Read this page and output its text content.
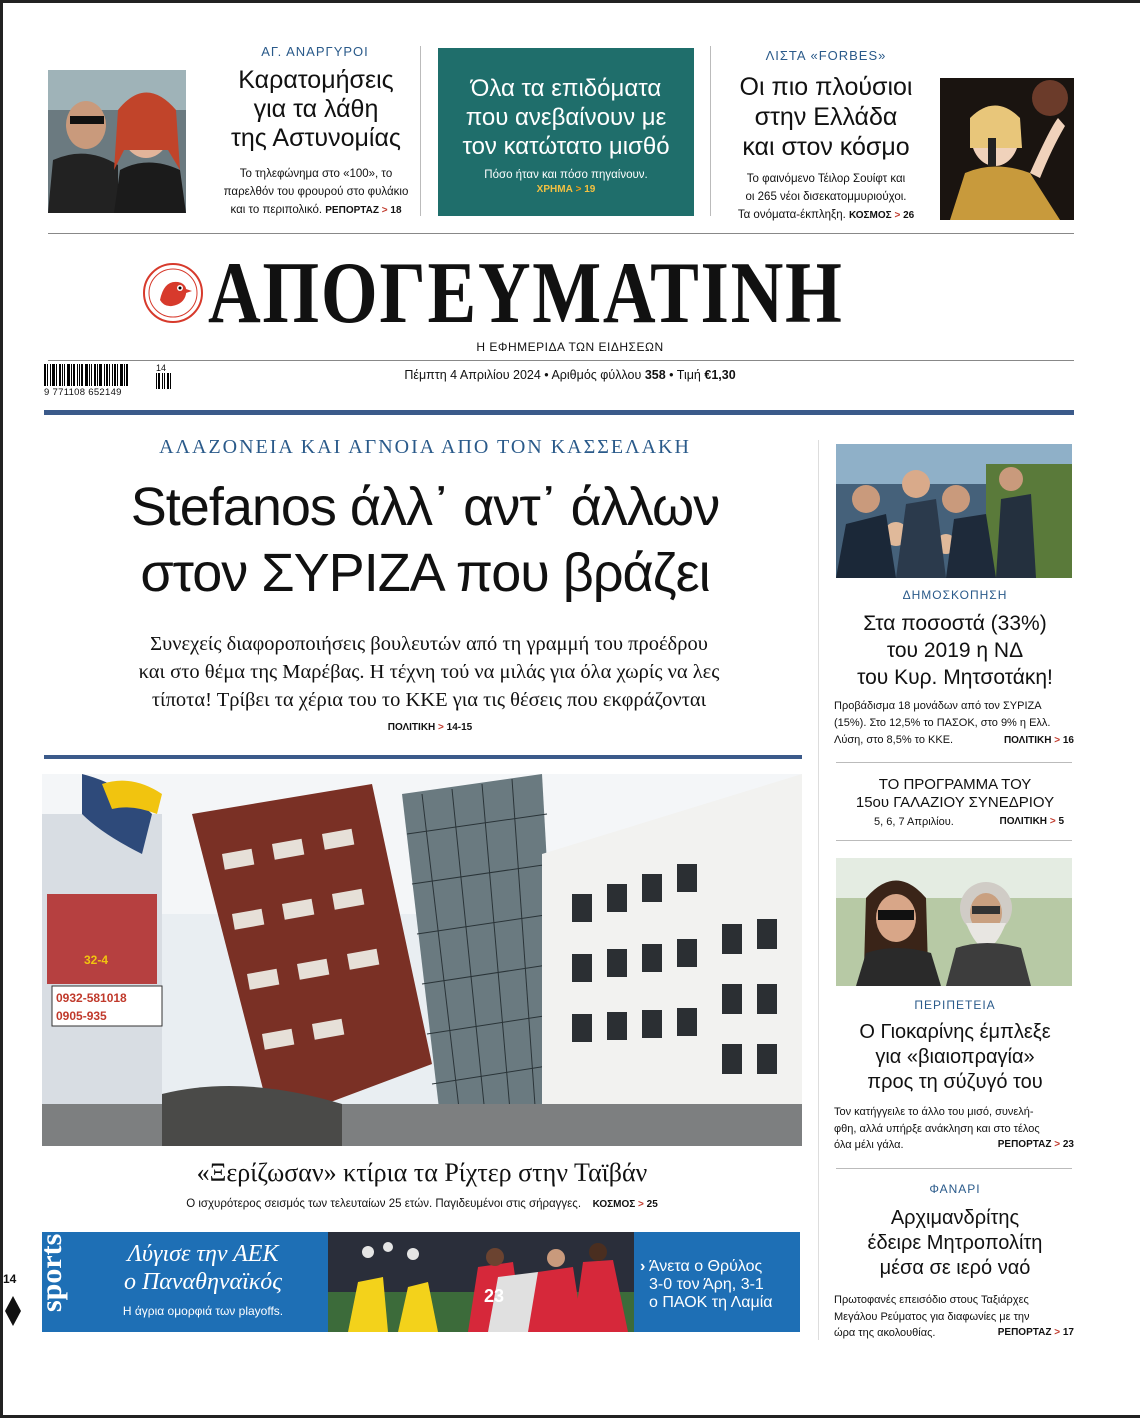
ΑΓ. ΑΝΑΡΓΥΡΟΙ
Καρατομήσεις
για τα λάθη
της Αστυνομίας
Το τηλεφώνημα στο «100», το
παρελθόν του φρουρού στο φυλάκιο
και το περιπολικό. ΡΕΠΟΡΤΑΖ > 18
Όλα τα επιδόματα
που ανεβαίνουν με
τον κατώτατο μισθό
Πόσο ήταν και πόσο πηγαίνουν.
ΧΡΗΜΑ > 19
ΛΙΣΤΑ «FORBES»
Οι πιο πλούσιοι
στην Ελλάδα
και στον κόσμο
Το φαινόμενο Τέιλορ Σουίφτ και
οι 265 νέοι δισεκατομμυριούχοι.
Τα ονόματα-έκπληξη. ΚΟΣΜΟΣ > 26
ΑΠΟΓΕΥΜΑΤΙΝΗ
Η ΕΦΗΜΕΡΙΔΑ ΤΩΝ ΕΙΔΗΣΕΩΝ
9 771108 652149
14	Πέμπτη 4 Απριλίου 2024 • Αριθμός φύλλου 358 • Τιμή €1,30
ΑΛΑΖΟΝΕΙΑ ΚΑΙ ΑΓΝΟΙΑ ΑΠΟ ΤΟΝ ΚΑΣΣΕΛΑΚΗ
Stefanos άλλ᾽ αντ᾽ άλλων
στον ΣΥΡΙΖΑ που βράζει
Συνεχείς διαφοροποιήσεις βουλευτών από τη γραμμή του προέδρου
και στο θέμα της Μαρέβας. Η τέχνη τού να μιλάς για όλα χωρίς να λες
τίποτα! Τρίβει τα χέρια του το ΚΚΕ για τις θέσεις που εκφράζονται
ΠΟΛΙΤΙΚΗ > 14-15
0932-581018
0905-935
32-4
«Ξερίζωσαν» κτίρια τα Ρίχτερ στην Ταϊβάν
Ο ισχυρότερος σεισμός των τελευταίων 25 ετών. Παγιδευμένοι στις σήραγγες. ΚΟΣΜΟΣ > 25
sports	Λύγισε την ΑΕΚ
ο Παναθηναϊκός
Η άγρια ομορφιά των playoffs.
23
› Άνετα ο Θρύλος
3-0 τον Άρη, 3-1
ο ΠΑΟΚ τη Λαμία
14
ΔΗΜΟΣΚΟΠΗΣΗ
Στα ποσοστά (33%)
του 2019 η ΝΔ
του Κυρ. Μητσοτάκη!
Προβάδισμα 18 μονάδων από τον ΣΥΡΙΖΑ
(15%). Στο 12,5% το ΠΑΣΟΚ, στο 9% η Ελλ.
Λύση, στο 8,5% το ΚΚΕ.	ΠΟΛΙΤΙΚΗ > 16
ΤΟ ΠΡΟΓΡΑΜΜΑ ΤΟΥ
15ου ΓΑΛΑΖΙΟΥ ΣΥΝΕΔΡΙΟΥ
5, 6, 7 Απριλίου.	ΠΟΛΙΤΙΚΗ > 5
ΠΕΡΙΠΕΤΕΙΑ
Ο Γιοκαρίνης έμπλεξε
για «βιαιοπραγία»
προς τη σύζυγό του
Τον κατήγγειλε το άλλο του μισό, συνελή-
φθη, αλλά υπήρξε ανάκληση και στο τέλος
όλα μέλι γάλα.	ΡΕΠΟΡΤΑΖ > 23
ΦΑΝΑΡΙ
Αρχιμανδρίτης
έδειρε Μητροπολίτη
μέσα σε ιερό ναό
Πρωτοφανές επεισόδιο στους Ταξιάρχες
Μεγάλου Ρεύματος για διαφωνίες με την
ώρα της ακολουθίας.	ΡΕΠΟΡΤΑΖ > 17
